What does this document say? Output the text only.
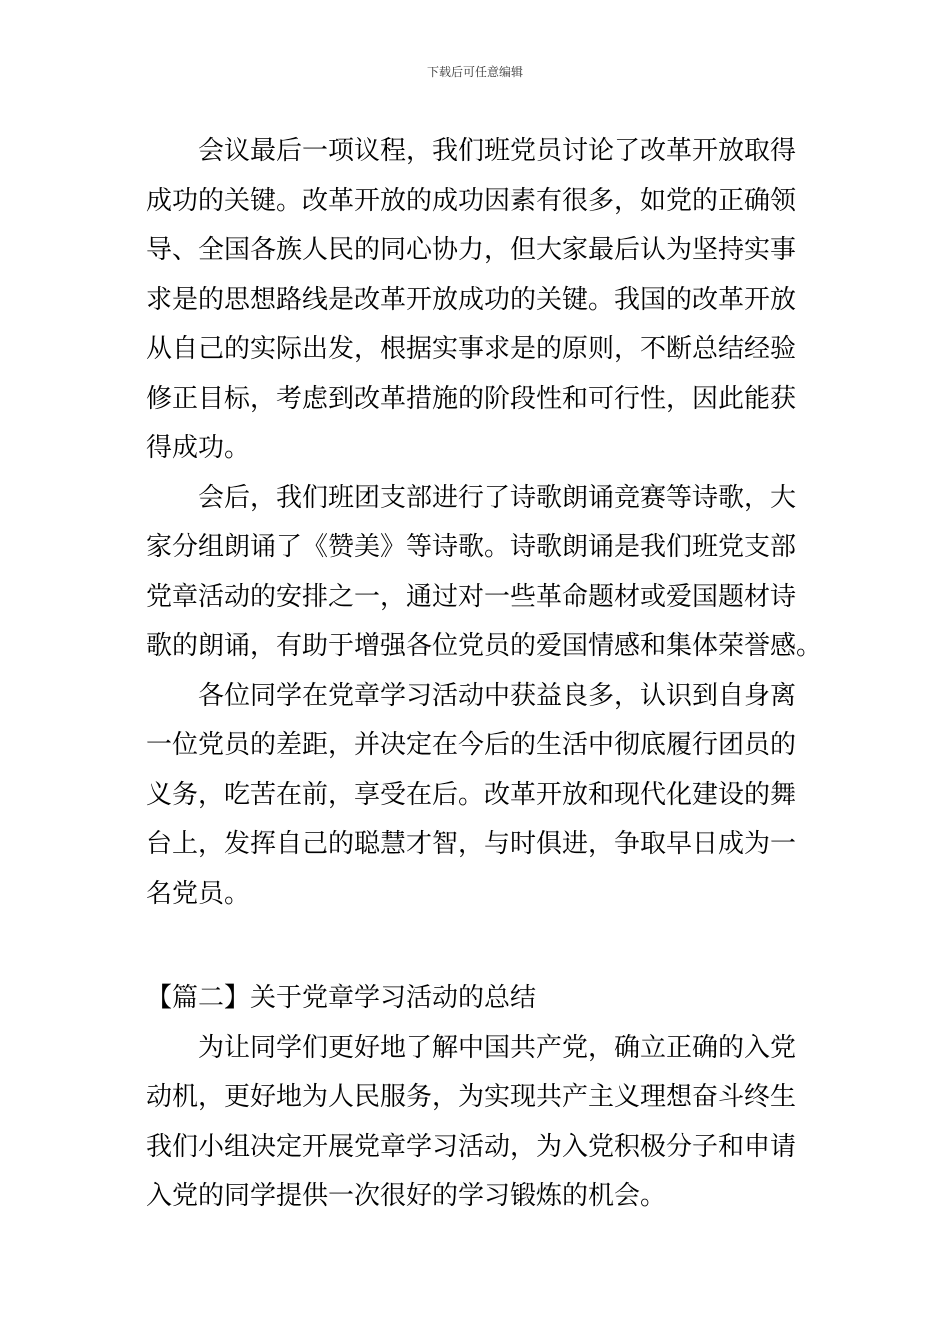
下载后可任意编辑
会议最后一项议程，我们班党员讨论了改革开放取得
成功的关键。改革开放的成功因素有很多，如党的正确领
导、全国各族人民的同心协力，但大家最后认为坚持实事
求是的思想路线是改革开放成功的关键。我国的改革开放
从自己的实际出发，根据实事求是的原则，不断总结经验
修正目标，考虑到改革措施的阶段性和可行性，因此能获
得成功。
会后，我们班团支部进行了诗歌朗诵竞赛等诗歌，大
家分组朗诵了《赞美》等诗歌。诗歌朗诵是我们班党支部
党章活动的安排之一，通过对一些革命题材或爱国题材诗
歌的朗诵，有助于增强各位党员的爱国情感和集体荣誉感。
各位同学在党章学习活动中获益良多，认识到自身离
一位党员的差距，并决定在今后的生活中彻底履行团员的
义务，吃苦在前，享受在后。改革开放和现代化建设的舞
台上，发挥自己的聪慧才智，与时俱进，争取早日成为一
名党员。
【篇二】关于党章学习活动的总结
为让同学们更好地了解中国共产党，确立正确的入党
动机，更好地为人民服务，为实现共产主义理想奋斗终生
我们小组决定开展党章学习活动，为入党积极分子和申请
入党的同学提供一次很好的学习锻炼的机会。
